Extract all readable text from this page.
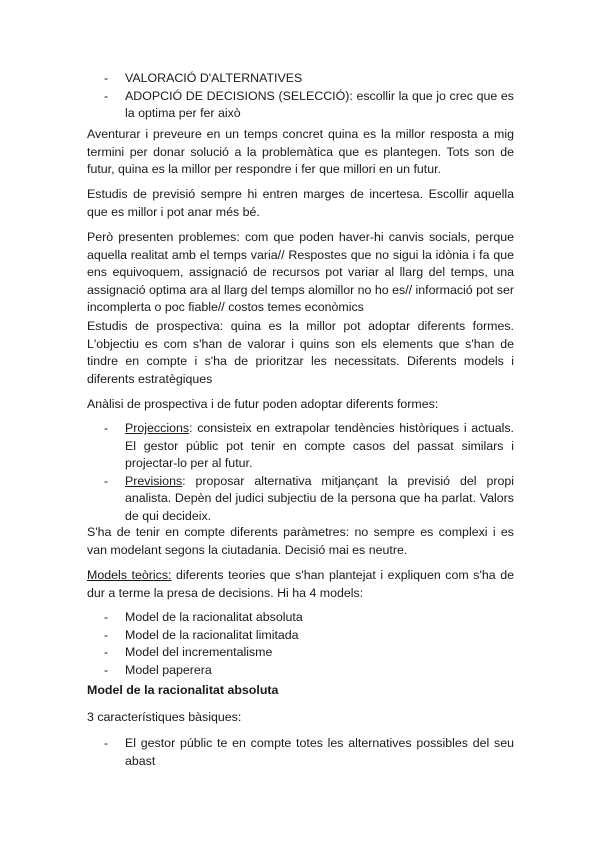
- VALORACIÓ D'ALTERNATIVES
- ADOPCIÓ DE DECISIONS (SELECCIÓ): escollir la que jo crec que es la optima per fer això

Aventurar i preveure en un temps concret quina es la millor resposta a mig termini per donar solució a la problemàtica que es plantegen. Tots son de futur, quina es la millor per respondre i fer que millori en un futur.

Estudis de previsió sempre hi entren marges de incertesa. Escollir aquella que es millor i pot anar més bé.

Però presenten problemes: com que poden haver-hi canvis socials, perque aquella realitat amb el temps varia// Respostes que no sigui la idònia i fa que ens equivoquem, assignació de recursos pot variar al llarg del temps, una assignació optima ara al llarg del temps alomillor no ho es// informació pot ser incomplerta o poc fiable// costos temes econòmics

Estudis de prospectiva: quina es la millor pot adoptar diferents formes. L'objectiu es com s'han de valorar i quins son els elements que s'han de tindre en compte i s'ha de prioritzar les necessitats. Diferents models i diferents estratègiques

Anàlisi de prospectiva i de futur poden adoptar diferents formes:

- Projeccions: consisteix en extrapolar tendències històriques i actuals. El gestor públic pot tenir en compte casos del passat similars i projectar-lo per al futur.
- Previsions: proposar alternativa mitjançant la previsió del propi analista. Depèn del judici subjectiu de la persona que ha parlat. Valors de qui decideix.

S'ha de tenir en compte diferents paràmetres: no sempre es complexi i es van modelant segons la ciutadania. Decisió mai es neutre.

Models teòrics: diferents teories que s'han plantejat i expliquen com s'ha de dur a terme la presa de decisions. Hi ha 4 models:

- Model de la racionalitat absoluta
- Model de la racionalitat limitada
- Model del incrementalisme
- Model paperera

Model de la racionalitat absoluta

3 característiques bàsiques:

- El gestor públic te en compte totes les alternatives possibles del seu abast
